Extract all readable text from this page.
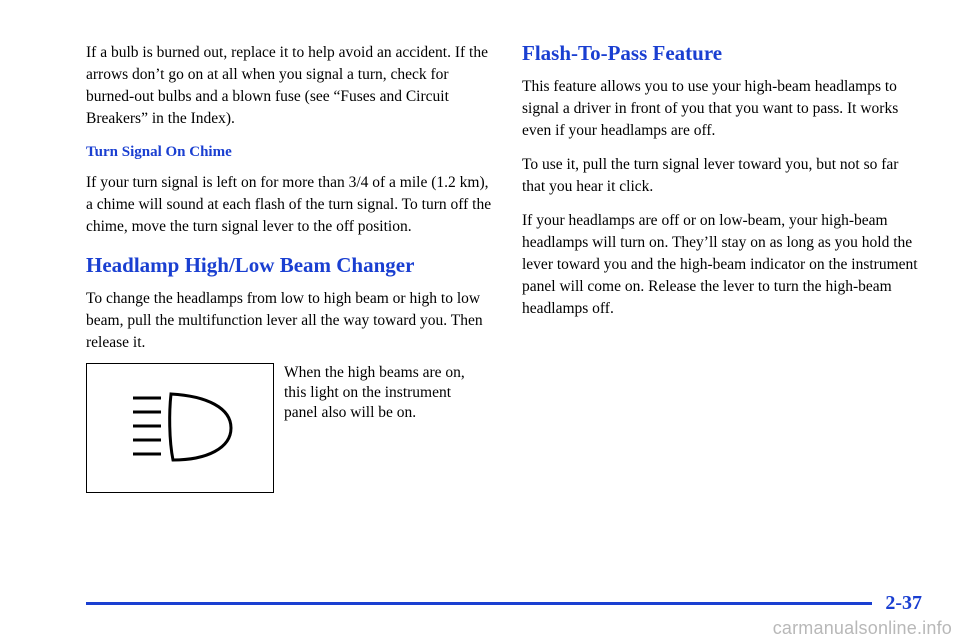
If a bulb is burned out, replace it to help avoid an accident. If the arrows don’t go on at all when you signal a turn, check for burned-out bulbs and a blown fuse (see “Fuses and Circuit Breakers” in the Index).

Turn Signal On Chime

If your turn signal is left on for more than 3/4 of a mile (1.2 km), a chime will sound at each flash of the turn signal. To turn off the chime, move the turn signal lever to the off position.

Headlamp High/Low Beam Changer

To change the headlamps from low to high beam or high to low beam, pull the multifunction lever all the way toward you. Then release it.

When the high beams are on, this light on the instrument panel also will be on.
Flash-To-Pass Feature

This feature allows you to use your high-beam headlamps to signal a driver in front of you that you want to pass. It works even if your headlamps are off.

To use it, pull the turn signal lever toward you, but not so far that you hear it click.

If your headlamps are off or on low-beam, your high-beam headlamps will turn on. They’ll stay on as long as you hold the lever toward you and the high-beam indicator on the instrument panel will come on. Release the lever to turn the high-beam headlamps off.

2-37
carmanualsonline.info
